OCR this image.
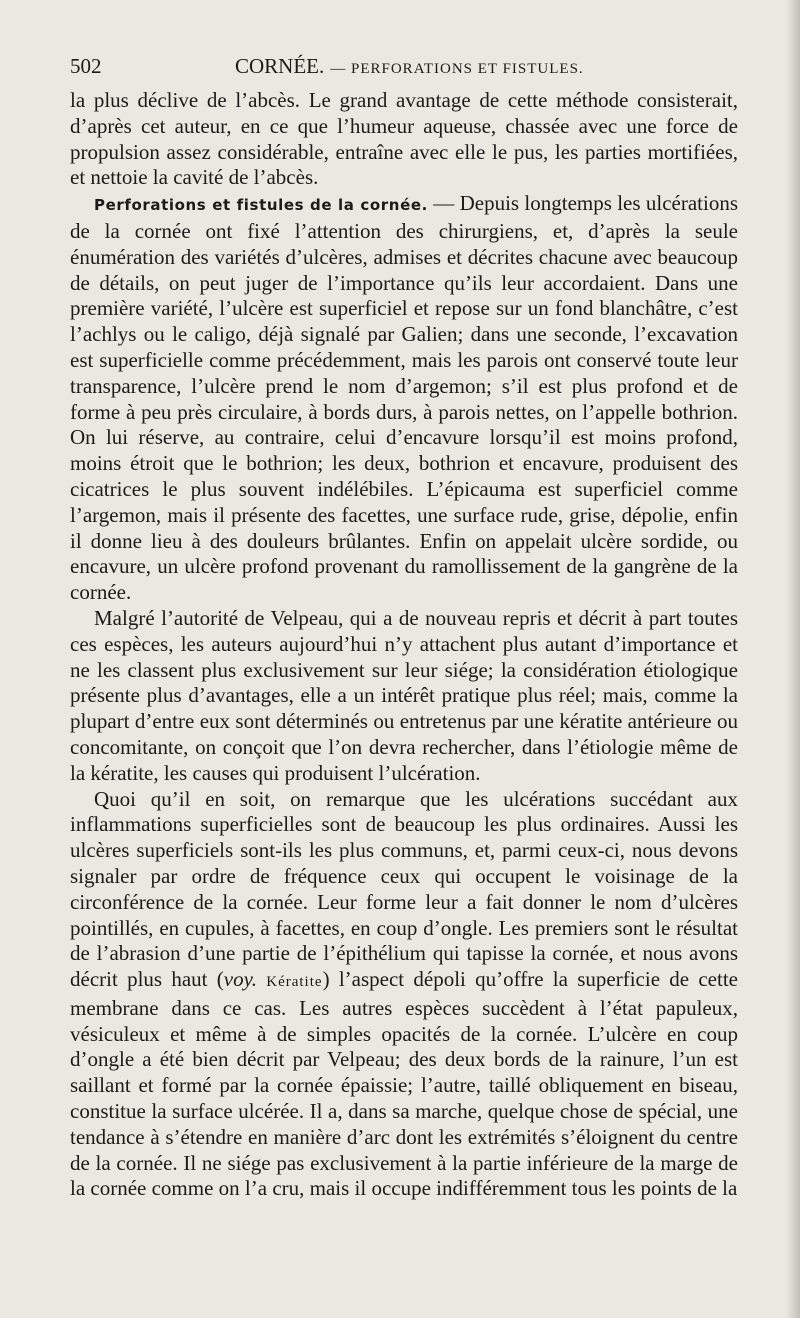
502	CORNÉE. — PERFORATIONS ET FISTULES.

la plus déclive de l’abcès. Le grand avantage de cette méthode consisterait, d’après cet auteur, en ce que l’humeur aqueuse, chassée avec une force de propulsion assez considérable, entraîne avec elle le pus, les parties mortifiées, et nettoie la cavité de l’abcès.

Perforations et fistules de la cornée. — Depuis longtemps les ulcérations de la cornée ont fixé l’attention des chirurgiens, et, d’après la seule énumération des variétés d’ulcères, admises et décrites chacune avec beaucoup de détails, on peut juger de l’importance qu’ils leur accordaient. Dans une première variété, l’ulcère est superficiel et repose sur un fond blanchâtre, c’est l’achlys ou le caligo, déjà signalé par Galien; dans une seconde, l’excavation est superficielle comme précédemment, mais les parois ont conservé toute leur transparence, l’ulcère prend le nom d’argemon; s’il est plus profond et de forme à peu près circulaire, à bords durs, à parois nettes, on l’appelle bothrion. On lui réserve, au contraire, celui d’encavure lorsqu’il est moins profond, moins étroit que le bothrion; les deux, bothrion et encavure, produisent des cicatrices le plus souvent indélébiles. L’épicauma est superficiel comme l’argemon, mais il présente des facettes, une surface rude, grise, dépolie, enfin il donne lieu à des douleurs brûlantes. Enfin on appelait ulcère sordide, ou encavure, un ulcère profond provenant du ramollissement de la gangrène de la cornée.

Malgré l’autorité de Velpeau, qui a de nouveau repris et décrit à part toutes ces espèces, les auteurs aujourd’hui n’y attachent plus autant d’importance et ne les classent plus exclusivement sur leur siége; la considération étiologique présente plus d’avantages, elle a un intérêt pratique plus réel; mais, comme la plupart d’entre eux sont déterminés ou entretenus par une kératite antérieure ou concomitante, on conçoit que l’on devra rechercher, dans l’étiologie même de la kératite, les causes qui produisent l’ulcération.

Quoi qu’il en soit, on remarque que les ulcérations succédant aux inflammations superficielles sont de beaucoup les plus ordinaires. Aussi les ulcères superficiels sont-ils les plus communs, et, parmi ceux-ci, nous devons signaler par ordre de fréquence ceux qui occupent le voisinage de la circonférence de la cornée. Leur forme leur a fait donner le nom d’ulcères pointillés, en cupules, à facettes, en coup d’ongle. Les premiers sont le résultat de l’abrasion d’une partie de l’épithélium qui tapisse la cornée, et nous avons décrit plus haut (voy. Kératite) l’aspect dépoli qu’offre la superficie de cette membrane dans ce cas. Les autres espèces succèdent à l’état papuleux, vésiculeux et même à de simples opacités de la cornée. L’ulcère en coup d’ongle a été bien décrit par Velpeau; des deux bords de la rainure, l’un est saillant et formé par la cornée épaissie; l’autre, taillé obliquement en biseau, constitue la surface ulcérée. Il a, dans sa marche, quelque chose de spécial, une tendance à s’étendre en manière d’arc dont les extrémités s’éloignent du centre de la cornée. Il ne siége pas exclusivement à la partie inférieure de la marge de la cornée comme on l’a cru, mais il occupe indifféremment tous les points de la
